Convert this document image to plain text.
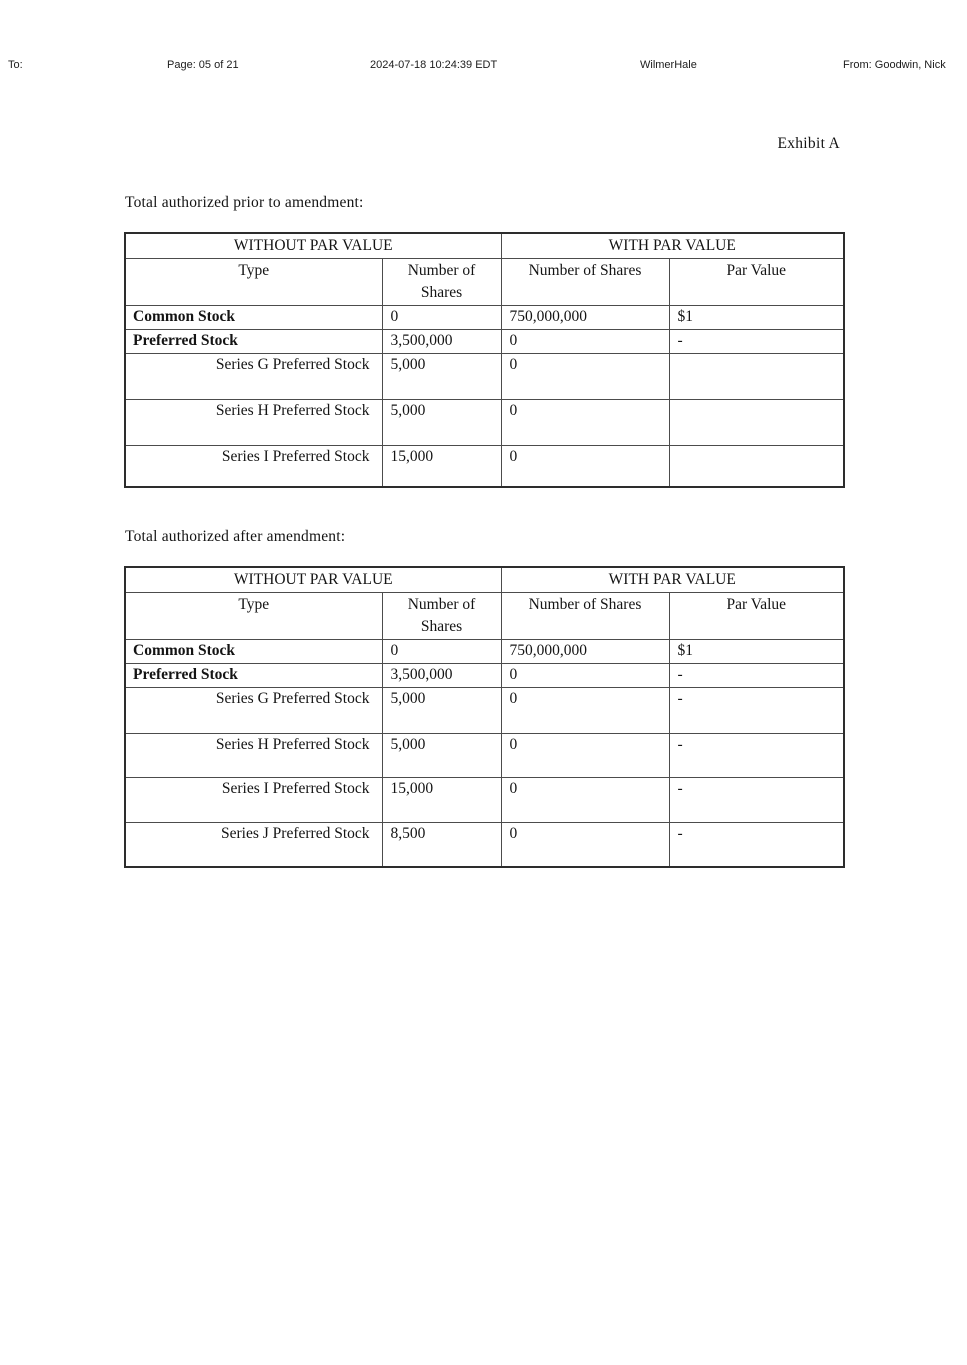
To:	Page: 05 of 21	2024-07-18 10:24:39 EDT	WilmerHale	From: Goodwin, Nick
Exhibit A
Total authorized prior to amendment:
WITHOUT PAR VALUE		WITH PAR VALUE	
Type	Number of Shares	Number of Shares	Par Value
Common Stock	0	750,000,000	$1
Preferred Stock	3,500,000	0	-
Series G Preferred Stock	5,000	0	
Series H Preferred Stock	5,000	0	
Series I Preferred Stock	15,000	0	
Total authorized after amendment:
WITHOUT PAR VALUE		WITH PAR VALUE	
Type	Number of Shares	Number of Shares	Par Value
Common Stock	0	750,000,000	$1
Preferred Stock	3,500,000	0	-
Series G Preferred Stock	5,000	0	-
Series H Preferred Stock	5,000	0	-
Series I Preferred Stock	15,000	0	-
Series J Preferred Stock	8,500	0	-
